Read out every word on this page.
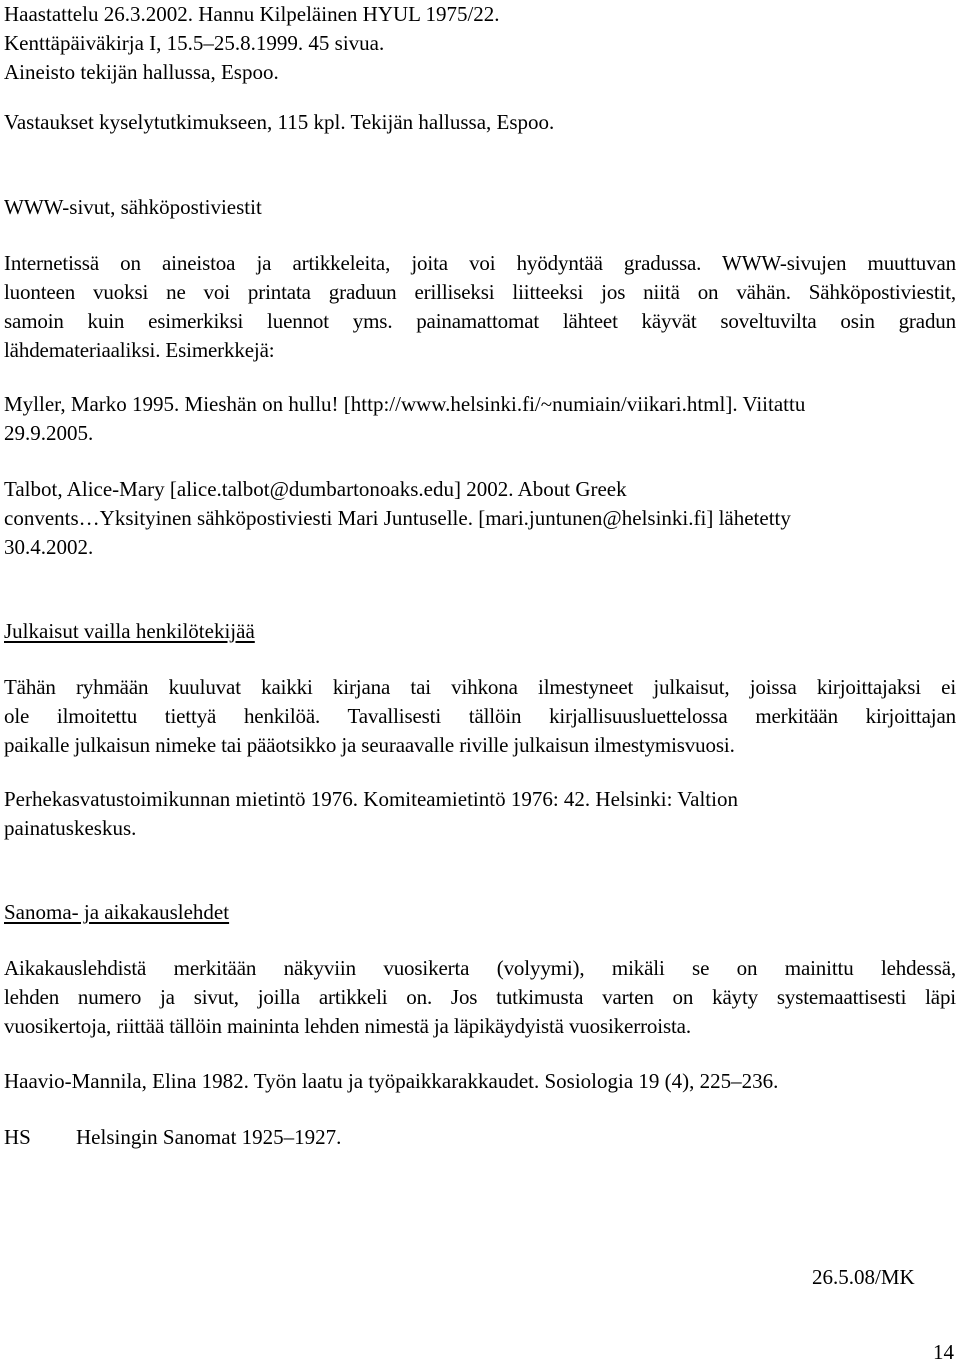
Haastattelu 26.3.2002. Hannu Kilpeläinen HYUL 1975/22.
Kenttäpäiväkirja I, 15.5–25.8.1999. 45 sivua.
Aineisto tekijän hallussa, Espoo.
Vastaukset kyselytutkimukseen, 115 kpl. Tekijän hallussa, Espoo.
WWW-sivut, sähköpostiviestit
Internetissä on aineistoa ja artikkeleita, joita voi hyödyntää gradussa. WWW-sivujen muuttuvan
luonteen vuoksi ne voi printata graduun erilliseksi liitteeksi jos niitä on vähän. Sähköpostiviestit,
samoin kuin esimerkiksi luennot yms. painamattomat lähteet käyvät soveltuvilta osin gradun
lähdemateriaaliksi. Esimerkkejä:
Myller, Marko 1995. Mieshän on hullu! [http://www.helsinki.fi/~numiain/viikari.html]. Viitattu
29.9.2005.
Talbot, Alice-Mary [alice.talbot@dumbartonoaks.edu] 2002. About Greek
convents…Yksityinen sähköpostiviesti Mari Juntuselle. [mari.juntunen@helsinki.fi] lähetetty
30.4.2002.
Julkaisut vailla henkilötekijää
Tähän ryhmään kuuluvat kaikki kirjana tai vihkona ilmestyneet julkaisut, joissa kirjoittajaksi ei
ole ilmoitettu tiettyä henkilöä. Tavallisesti tällöin kirjallisuusluettelossa merkitään kirjoittajan
paikalle julkaisun nimeke tai pääotsikko ja seuraavalle riville julkaisun ilmestymisvuosi.
Perhekasvatustoimikunnan mietintö 1976. Komiteamietintö 1976: 42. Helsinki: Valtion
painatuskeskus.
Sanoma- ja aikakauslehdet
Aikakauslehdistä merkitään näkyviin vuosikerta (volyymi), mikäli se on mainittu lehdessä,
lehden numero ja sivut, joilla artikkeli on. Jos tutkimusta varten on käyty systemaattisesti läpi
vuosikertoja, riittää tällöin maininta lehden nimestä ja läpikäydyistä vuosikerroista.
Haavio-Mannila, Elina 1982. Työn laatu ja työpaikkarakkaudet. Sosiologia 19 (4), 225–236.
HS Helsingin Sanomat 1925–1927.
26.5.08/MK
14
